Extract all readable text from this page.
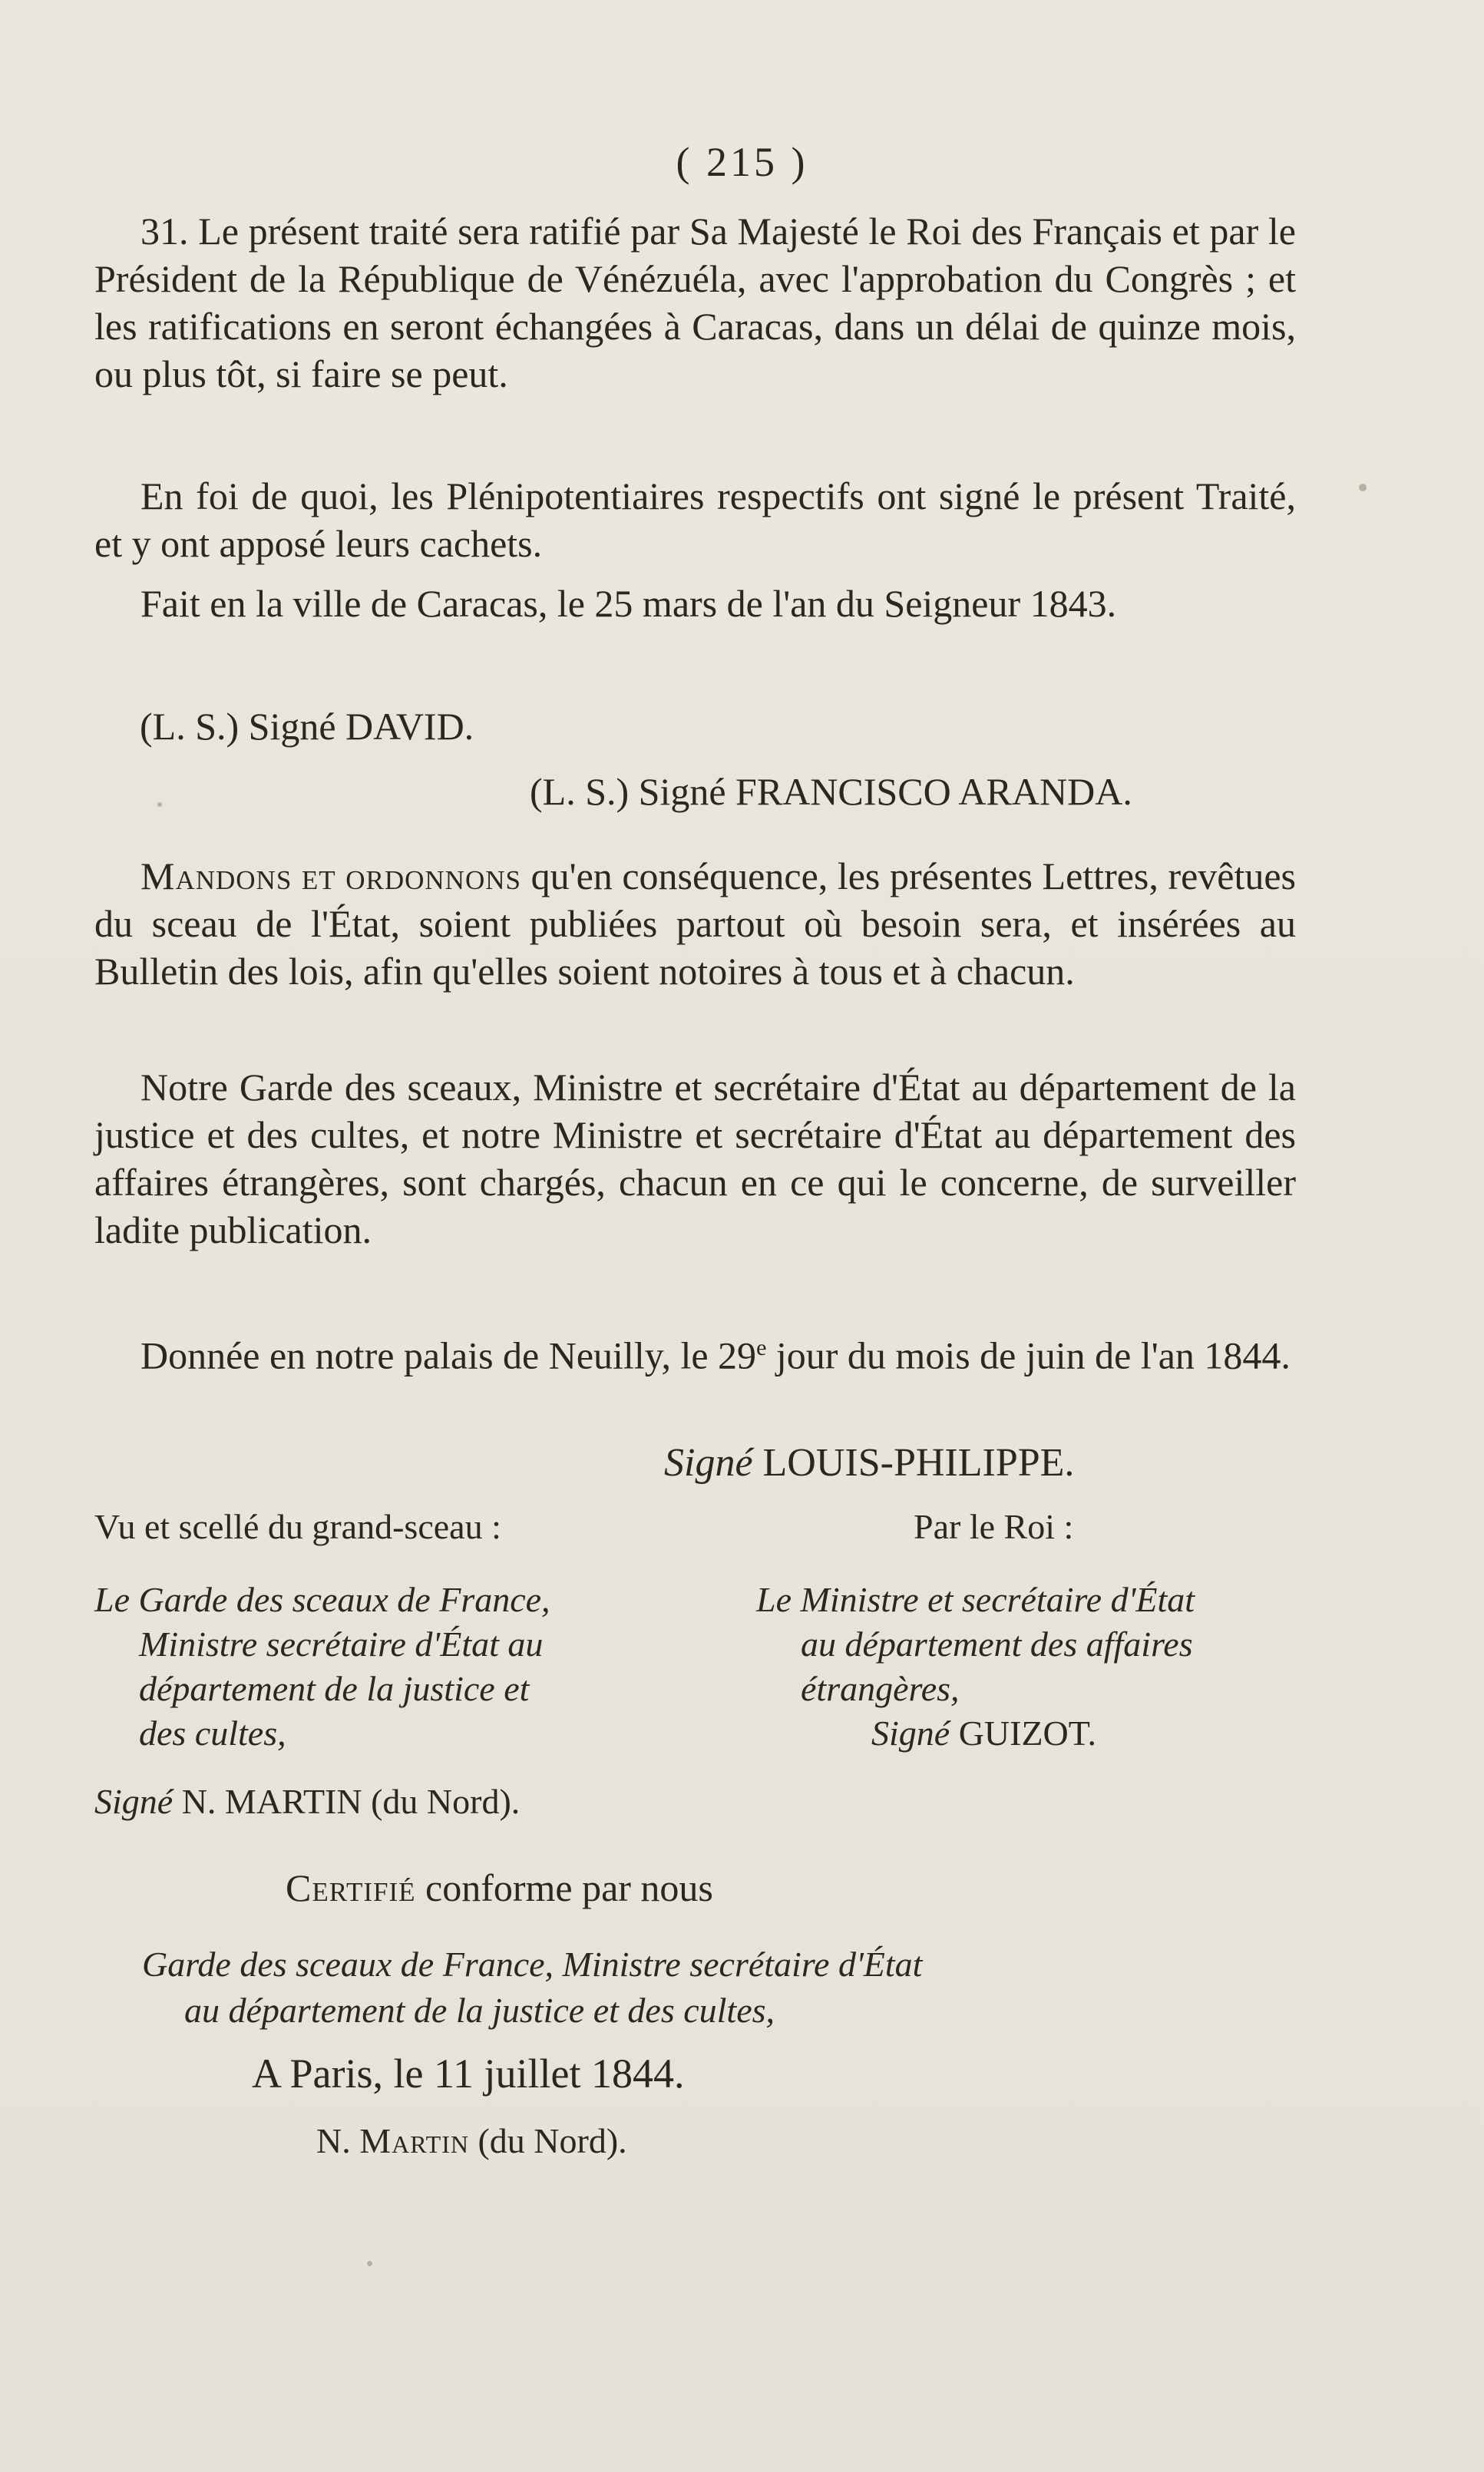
( 215 )
31. Le présent traité sera ratifié par Sa Majesté le Roi des Français et par le Président de la République de Vénézuéla, avec l'approbation du Congrès ; et les ratifications en seront échangées à Caracas, dans un délai de quinze mois, ou plus tôt, si faire se peut.
En foi de quoi, les Plénipotentiaires respectifs ont signé le présent Traité, et y ont apposé leurs cachets.
Fait en la ville de Caracas, le 25 mars de l'an du Seigneur 1843.
(L. S.) Signé DAVID.
(L. S.) Signé FRANCISCO ARANDA.
Mandons et ordonnons qu'en conséquence, les présentes Lettres, revêtues du sceau de l'État, soient publiées partout où besoin sera, et insérées au Bulletin des lois, afin qu'elles soient notoires à tous et à chacun.
Notre Garde des sceaux, Ministre et secrétaire d'État au département de la justice et des cultes, et notre Ministre et secrétaire d'État au département des affaires étrangères, sont chargés, chacun en ce qui le concerne, de surveiller ladite publication.
Donnée en notre palais de Neuilly, le 29e jour du mois de juin de l'an 1844.
Signé LOUIS-PHILIPPE.
Vu et scellé du grand-sceau :	Par le Roi :
Le Garde des sceaux de France,
Ministre secrétaire d'État au
département de la justice et
des cultes,
Le Ministre et secrétaire d'État
au département des affaires
étrangères,
Signé GUIZOT.
Signé N. MARTIN (du Nord).
Certifié conforme par nous
Garde des sceaux de France, Ministre secrétaire d'État
au département de la justice et des cultes,
A Paris, le 11 juillet 1844.
N. Martin (du Nord).
